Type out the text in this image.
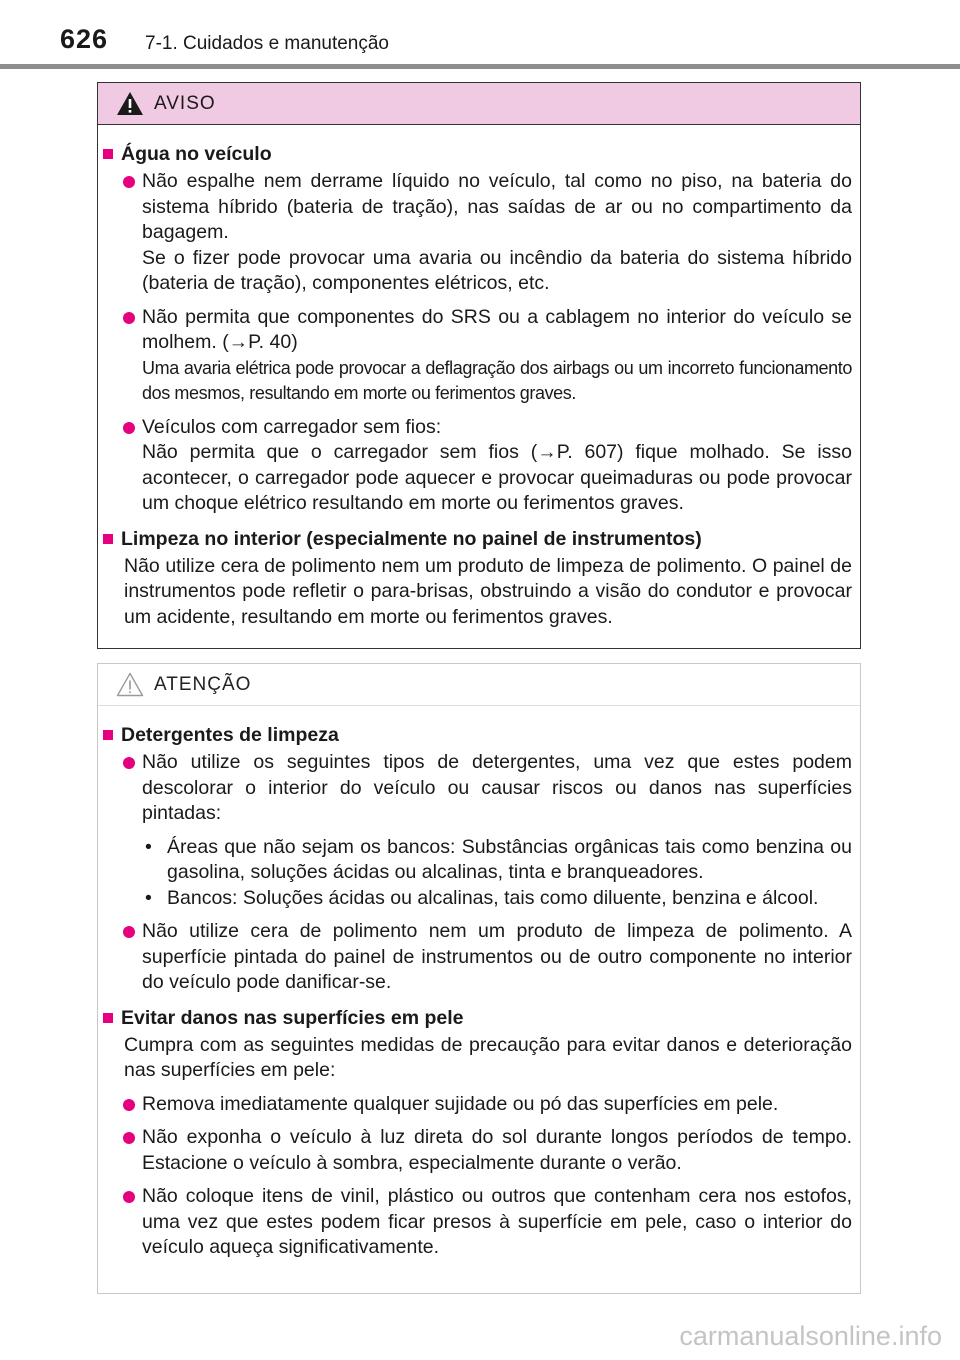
626 7-1. Cuidados e manutenção
AVISO
Água no veículo

Não espalhe nem derrame líquido no veículo, tal como no piso, na bateria do sistema híbrido (bateria de tração), nas saídas de ar ou no compartimento da bagagem.

Se o fizer pode provocar uma avaria ou incêndio da bateria do sistema híbrido (bateria de tração), componentes elétricos, etc.

Não permita que componentes do SRS ou a cablagem no interior do veículo se molhem. (→P. 40)

Uma avaria elétrica pode provocar a deflagração dos airbags ou um incorreto funcionamento dos mesmos, resultando em morte ou ferimentos graves.

Veículos com carregador sem fios:

Não permita que o carregador sem fios (→P. 607) fique molhado. Se isso acontecer, o carregador pode aquecer e provocar queimaduras ou pode provocar um choque elétrico resultando em morte ou ferimentos graves.

Limpeza no interior (especialmente no painel de instrumentos)
Não utilize cera de polimento nem um produto de limpeza de polimento. O painel de instrumentos pode refletir o para-brisas, obstruindo a visão do condutor e provocar um acidente, resultando em morte ou ferimentos graves.
ATENÇÃO
Detergentes de limpeza

Não utilize os seguintes tipos de detergentes, uma vez que estes podem descolorar o interior do veículo ou causar riscos ou danos nas superfícies pintadas:

• Áreas que não sejam os bancos: Substâncias orgânicas tais como benzina ou gasolina, soluções ácidas ou alcalinas, tinta e branqueadores.
• Bancos: Soluções ácidas ou alcalinas, tais como diluente, benzina e álcool.

Não utilize cera de polimento nem um produto de limpeza de polimento. A superfície pintada do painel de instrumentos ou de outro componente no interior do veículo pode danificar-se.

Evitar danos nas superfícies em pele
Cumpra com as seguintes medidas de precaução para evitar danos e deterioração nas superfícies em pele:

Remova imediatamente qualquer sujidade ou pó das superfícies em pele.

Não exponha o veículo à luz direta do sol durante longos períodos de tempo. Estacione o veículo à sombra, especialmente durante o verão.

Não coloque itens de vinil, plástico ou outros que contenham cera nos estofos, uma vez que estes podem ficar presos à superfície em pele, caso o interior do veículo aqueça significativamente.

carmanualsonline.info
